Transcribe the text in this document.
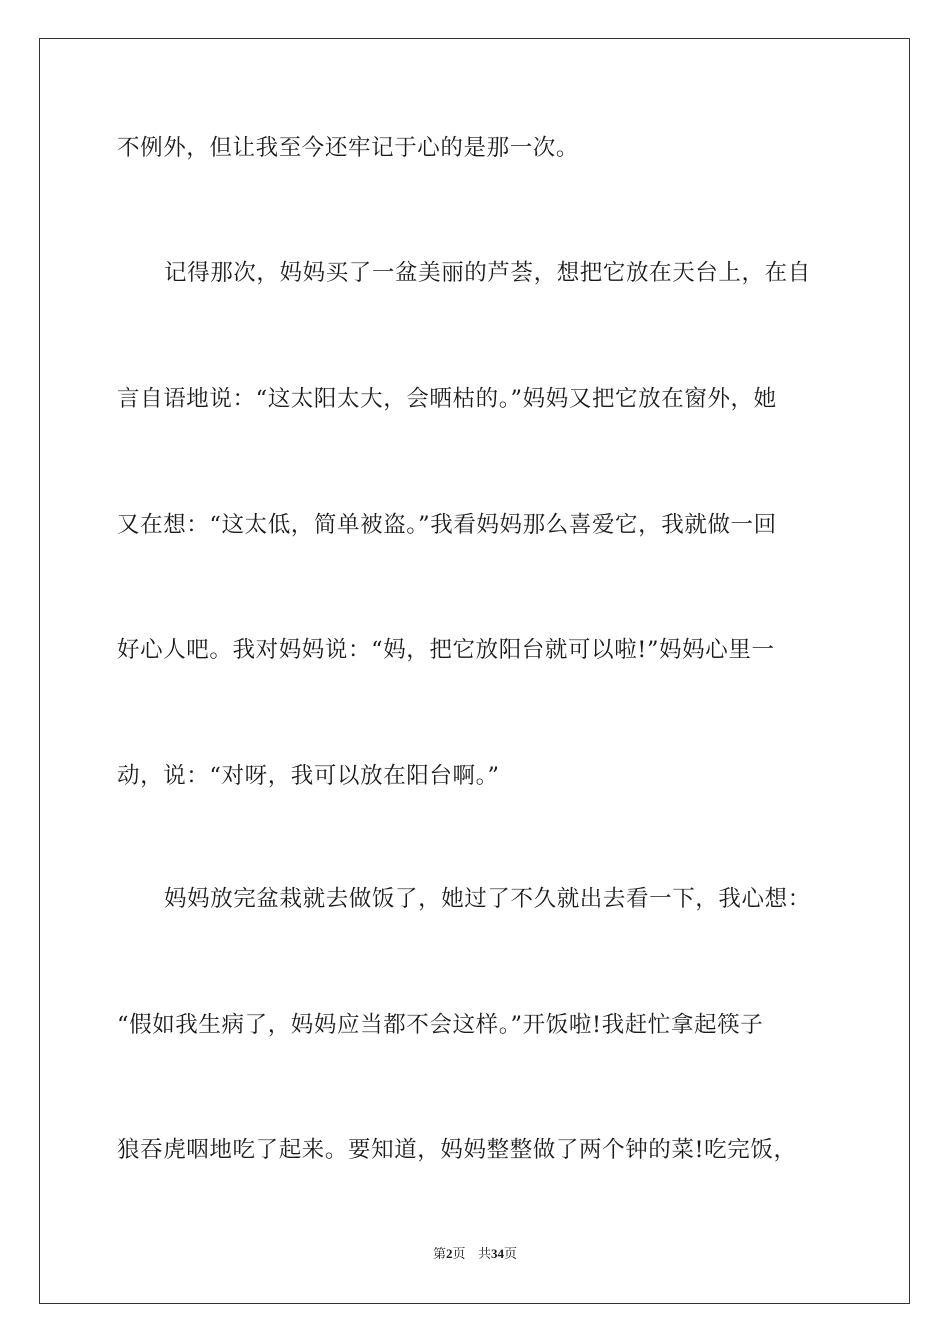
不例外，但让我至今还牢记于心的是那一次。
记得那次，妈妈买了一盆美丽的芦荟，想把它放在天台上，在自
言自语地说：“这太阳太大，会晒枯的。”妈妈又把它放在窗外，她
又在想：“这太低，简单被盗。”我看妈妈那么喜爱它，我就做一回
好心人吧。我对妈妈说：“妈，把它放阳台就可以啦!”妈妈心里一
动，说：“对呀，我可以放在阳台啊。”
妈妈放完盆栽就去做饭了，她过了不久就出去看一下，我心想：
“假如我生病了，妈妈应当都不会这样。”开饭啦!我赶忙拿起筷子
狼吞虎咽地吃了起来。要知道，妈妈整整做了两个钟的菜!吃完饭，
第2页 共34页
